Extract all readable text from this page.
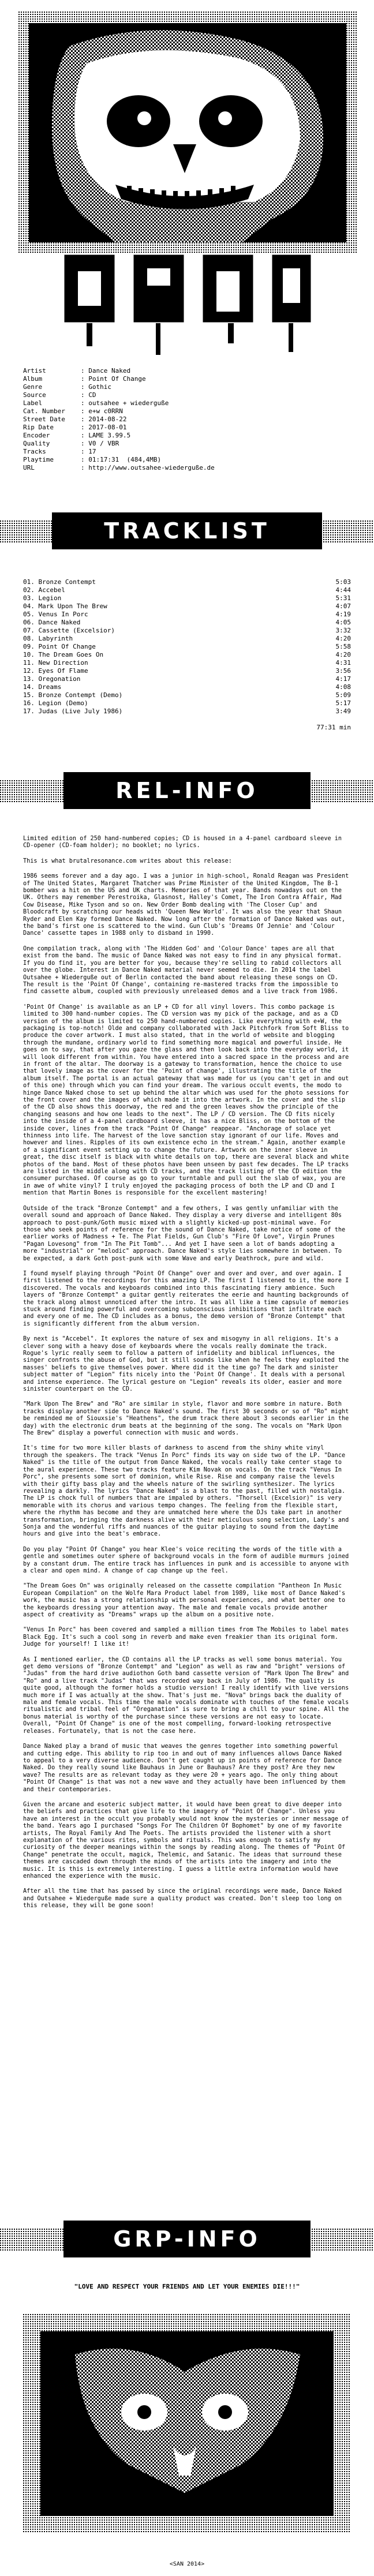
Artist	: Dance Naked
Album	: Point Of Change
Genre	: Gothic
Source	: CD
Label	: outsahee + wiederguße
Cat. Number : e+w c0RRN
Street Date : 2014-08-22
Rip Date	: 2017-08-01
Encoder	: LAME 3.99.5
Quality	: V0 / VBR
Tracks	: 17
Playtime	: 01:17:31  (484,4MB)
URL	: http://www.outsahee-wiederguße.de
TRACKLIST
01. Bronze Contempt	5:03
02. Accebel	4:44
03. Legion	5:31
04. Mark Upon The Brew	4:07
05. Venus In Porc	4:19
06. Dance Naked	4:05
07. Cassette (Excelsior)	3:32
08. Labyrinth	4:20
09. Point Of Change	5:58
10. The Dream Goes On	4:20
11. New Direction	4:31
12. Eyes Of Flame	3:56
13. Oregonation	4:17
14. Dreams	4:08
15. Bronze Contempt (Demo)	5:09
16. Legion (Demo)	5:17
17. Judas (Live July 1986)	3:49
77:31 min
REL-INFO

Limited edition of 250 hand-numbered copies; CD is housed in a 4-panel cardboard sleeve in CD-opener (CD-foam holder); no booklet; no lyrics.

This is what brutalresonance.com writes about this release:

1986 seems forever and a day ago. I was a junior in high-school, Ronald Reagan was President of The United States, Margaret Thatcher was Prime Minister of the United Kingdom, The B-1 bomber was a hit on the US and UK charts. Memories of that year. Bands nowadays out on the UK. Others may remember Perestroika, Glasnost, Halley's Comet, The Iron Contra Affair, Mad Cow Disease, Mike Tyson and so on. New Order Bomb dealing with 'The Closer Cup' and Bloodcraft by scratching our heads with 'Queen New World'. It was also the year that Shaun Ryder and Elen Kay formed Dance Naked. Now long after the formation of Dance Naked was out, the band's first one is scattered to the wind. Gun Club's 'Dreams Of Jennie' and 'Colour Dance' cassette tapes in 1988 only to disband in 1990.

One compilation track, along with 'The Hidden God' and 'Colour Dance' tapes are all that exist from the band. The music of Dance Naked was not easy to find in any physical format. If you do find it, you are better for you, because they're selling to rabid collectors all over the globe. Interest in Dance Naked material never seemed to die. In 2014 the label Outsahee + Wiederguße out of Berlin contacted the band about releasing these songs on CD. The result is the 'Point Of Change', containing re-mastered tracks from the impossible to find cassette album, coupled with previously unreleased demos and a live track from 1986.

'Point Of Change' is available as an LP + CD for all vinyl lovers. This combo package is limited to 300 hand-number copies. The CD version was my pick of the package, and as a CD version of the album is limited to 250 hand-numbered copies. Like everything with e+W, the packaging is top-notch! Olde and company collaborated with Jack Pitchfork from Soft Bliss to produce the cover artwork. I must also stated, that in the world of website and blogging through the mundane, ordinary world to find something more magical and powerful inside. He goes on to say, that after you gaze the glass and then look back into the everyday world, it will look different from within. You have entered into a sacred space in the process and are in front of the altar. The doorway is a gateway to transformation, hence the choice to use that lovely image as the cover for the 'Point of change', illustrating the title of the album itself. The portal is an actual gateway that was made for us (you can't get in and out of this one) through which you can find your dream. The various occult events, the modo to hinge Dance Naked chose to set up behind the altar which was used for the photo sessions for the front cover and the images of which made it into the artwork. In the cover and the slip of the CD also shows this doorway, the red and the green leaves show the principle of the changing seasons and how one leads to the next". The LP / CD version. The CD fits nicely into the inside of a 4-panel cardboard sleeve, it has a nice Bliss, on the bottom of the inside cover, lines from the track "Point Of Change" reappear. "Anchorage of solace yet thinness into life. The harvest of the love sanction stay ignorant of our life. Moves and however and lines. Ripples of its own existence echo in the stream." Again, another example of a significant event setting up to change the future. Artwork on the inner sleeve in great, the disc itself is black with white details on top, there are several black and white photos of the band. Most of these photos have been unseen by past few decades. The LP tracks are listed in the middle along with CD tracks, and the track listing of the CD edition the consumer purchased. Of course as go to your turntable and pull out the slab of wax, you are in awe of white vinyl? I truly enjoyed the packaging process of both the LP and CD and I mention that Martin Bones is responsible for the excellent mastering!

Outside of the track "Bronze Contempt" and a few others, I was gently unfamiliar with the overall sound and approach of Dance Naked. They display a very diverse and intelligent 80s approach to post-punk/Goth music mixed with a slightly kicked-up post-minimal wave. For those who seek points of reference for the sound of Dance Naked, take notice of some of the earlier works of Madness + Te. The Plat Fields, Gun Club's "Fire Of Love", Virgin Prunes "Pagan Lovesong" from "In The Pit Tomb"... And yet I have seen a lot of bands adopting a more "industrial" or "melodic" approach. Dance Naked's style lies somewhere in between. To be expected, a dark Goth post-punk with some Wave and early Deathrock, pure and wild.

I found myself playing through "Point Of Change" over and over and over, and over again. I first listened to the recordings for this amazing LP. The first I listened to it, the more I discovered. The vocals and keyboards combined into this fascinating fiery ambience. Such layers of "Bronze Contempt" a guitar gently reiterates the eerie and haunting backgrounds of the track along almost unnoticed after the intro. It was all like a time capsule of memories stuck around finding powerful and overcoming subconscious inhibitions that infiltrate each and every one of me. The CD includes as a bonus, the demo version of "Bronze Contempt" that is significantly different from the album version.

By next is "Accebel". It explores the nature of sex and misogyny in all religions. It's a clever song with a heavy dose of keyboards where the vocals really dominate the track. Rogue's lyric really seem to follow a pattern of infidelity and biblical influences, the singer confronts the abuse of God, but it still sounds like when he feels they exploited the masses' beliefs to give themselves power. Where did it the time go? The dark and sinister subject matter of "Legion" fits nicely into the 'Point Of Change'. It deals with a personal and intense experience. The lyrical gesture on "Legion" reveals its older, easier and more sinister counterpart on the CD.

"Mark Upon The Brew" and "Ro" are similar in style, flavor and more sombre in nature. Both tracks display another side to Dance Naked's sound. The first 30 seconds or so of "Ro" might be reminded me of Siouxsie's "Heathens", the drum track there about 3 seconds earlier in the day) with the electronic drum beats at the beginning of the song. The vocals on "Mark Upon The Brew" display a powerful connection with music and words.

It's time for two more killer blasts of darkness to ascend from the shiny white vinyl through the speakers. The track "Venus In Porc" finds its way on side two of the LP. "Dance Naked" is the title of the output from Dance Naked, the vocals really take center stage to the aural experience. These two tracks feature Kim Novak on vocals. On the track "Venus In Porc", she presents some sort of dominion, while Rise. Rise and company raise the levels with their gifty bass play and the wheels nature of the swirling synthesizer. The lyrics revealing a darkly. The lyrics "Dance Naked" is a blast to the past, filled with nostalgia. The LP is chock full of numbers that are impaled by others. "Thorsell (Excelsior)" is very memorable with its chorus and various tempo changes. The feeling from the flexible start, where the rhythm has become and they are unmatched here where the DJs take part in another transformation, bringing the darkness alive with their meticulous song selection, Lady's and Sonja and the wonderful riffs and nuances of the guitar playing to sound from the daytime hours and give into the beat's embrace.

Do you play "Point Of Change" you hear Klee's voice reciting the words of the title with a gentle and sometimes outer sphere of background vocals in the form of audible murmurs joined by a constant drum. The entire track has influences in punk and is accessible to anyone with a clear and open mind. A change of cap change up the feel.

"The Dream Goes On" was originally released on the cassette compilation "Pantheon In Music European Compilation" on the Wolfe Mara Product label from 1989, like most of Dance Naked's work, the music has a strong relationship with personal experiences, and what better one to the keyboards dressing your attention away. The male and female vocals provide another aspect of creativity as "Dreams" wraps up the album on a positive note.

"Venus In Porc" has been covered and sampled a million times from The Mobiles to label mates Black Egg. It's such a cool song in reverb and make even freakier than its original form. Judge for yourself! I like it!

As I mentioned earlier, the CD contains all the LP tracks as well some bonus material. You get demo versions of "Bronze Contempt" and "Legion" as well as raw and "bright" versions of "Judas" from the hard drive audiothon Goth band cassette version of "Mark Upon The Brew" and "Ro" and a live track "Judas" that was recorded way back in July of 1986. The quality is quite good, although the former holds a studio version! I really identify with live versions much more if I was actually at the show. That's just me. "Nova" brings back the duality of male and female vocals. This time the male vocals dominate with touches of the female vocals ritualistic and tribal feel of "Oreganation" is sure to bring a chill to your spine. All the bonus material is worthy of the purchase since these versions are not easy to locate. Overall, "Point Of Change" is one of the most compelling, forward-looking retrospective releases. Fortunately, that is not the case here.

Dance Naked play a brand of music that weaves the genres together into something powerful and cutting edge. This ability to rip too in and out of many influences allows Dance Naked to appeal to a very diverse audience. Don't get caught up in points of reference for Dance Naked. Do they really sound like Bauhaus in June or Bauhaus? Are they post? Are they new wave? The results are as relevant today as they were 20 + years ago. The only thing about "Point Of Change" is that was not a new wave and they actually have been influenced by them and their contemporaries.

Given the arcane and esoteric subject matter, it would have been great to dive deeper into the beliefs and practices that give life to the imagery of "Point Of Change". Unless you have an interest in the occult you probably would not know the mysteries or inner message of the band. Years ago I purchased "Songs For The Children Of Bophomet" by one of my favorite artists, The Royal Family And The Poets. The artists provided the listener with a short explanation of the various rites, symbols and rituals. This was enough to satisfy my curiosity of the deeper meanings within the songs by reading along. The themes of "Point Of Change" penetrate the occult, magick, Thelemic, and Satanic. The ideas that surround these themes are cascaded down through the minds of the artists into the imagery and into the music. It is this is extremely interesting. I guess a little extra information would have enhanced the experience with the music.

After all the time that has passed by since the original recordings were made, Dance Naked and Outsahee + Wiederguße made sure a quality product was created. Don't sleep too long on this release, they will be gone soon!

GRP-INFO
"LOVE AND RESPECT YOUR FRIENDS AND LET YOUR ENEMIES DIE!!!"
<SAN 2014>
